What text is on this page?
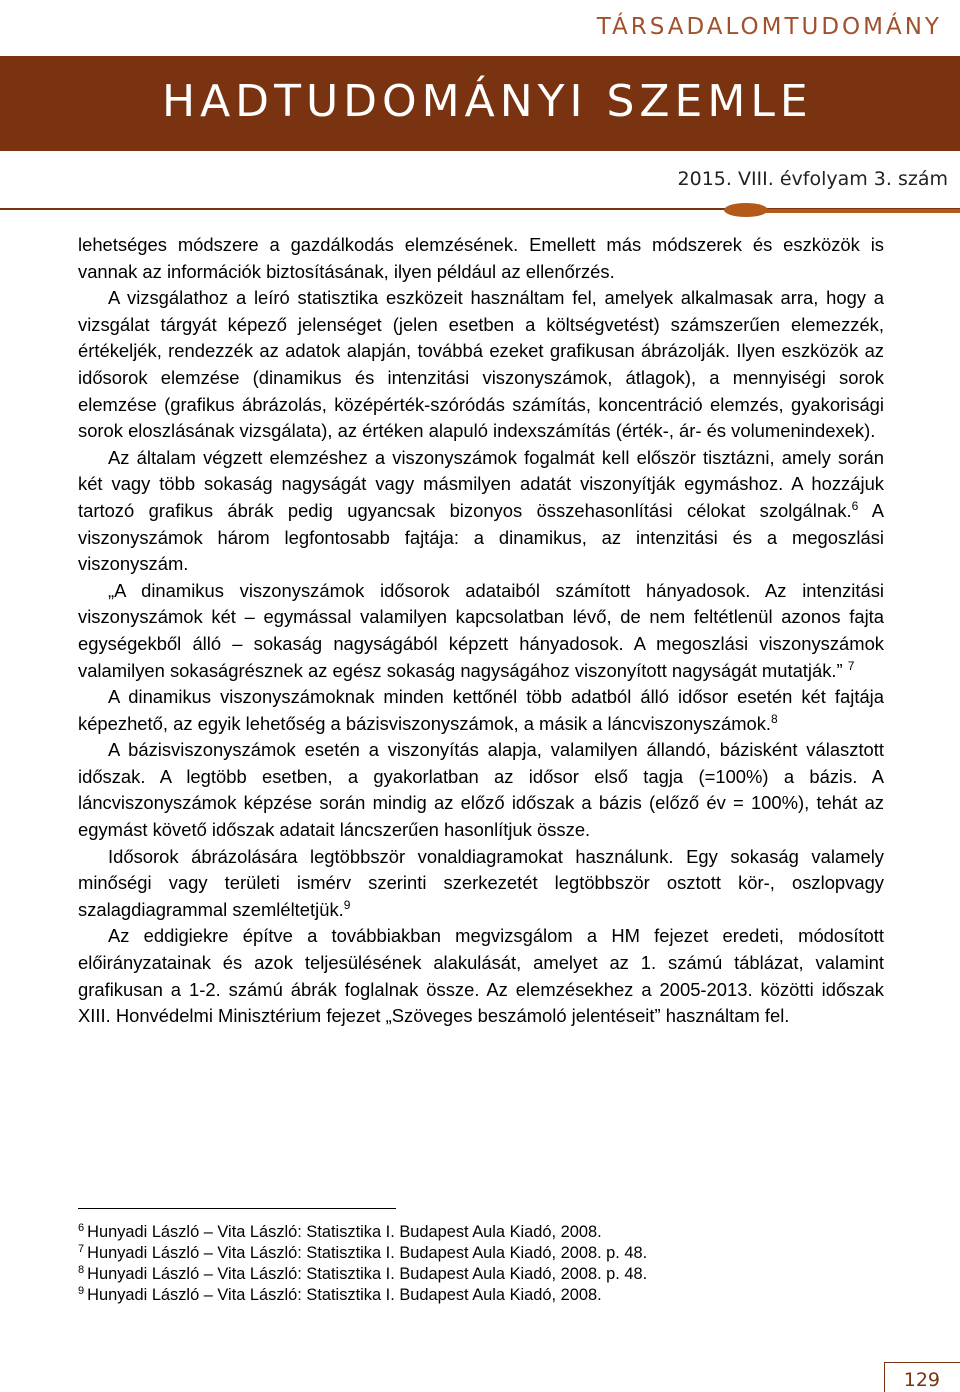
TÁRSADALOMTUDOMÁNY
HADTUDOMÁNYI SZEMLE
2015. VIII. évfolyam 3. szám

lehetséges módszere a gazdálkodás elemzésének. Emellett más módszerek és eszközök is vannak az információk biztosításának, ilyen például az ellenőrzés.

A vizsgálathoz a leíró statisztika eszközeit használtam fel, amelyek alkalmasak arra, hogy a vizsgálat tárgyát képező jelenséget (jelen esetben a költségvetést) számszerűen elemezzék, értékeljék, rendezzék az adatok alapján, továbbá ezeket grafikusan ábrázolják. Ilyen eszközök az idősorok elemzése (dinamikus és intenzitási viszonyszámok, átlagok), a mennyiségi sorok elemzése (grafikus ábrázolás, középérték-szóródás számítás, koncentráció elemzés, gyakorisági sorok eloszlásának vizsgálata), az értéken alapuló indexszámítás (érték-, ár- és volumenindexek).

Az általam végzett elemzéshez a viszonyszámok fogalmát kell először tisztázni, amely során két vagy több sokaság nagyságát vagy másmilyen adatát viszonyítják egymáshoz. A hozzájuk tartozó grafikus ábrák pedig ugyancsak bizonyos összehasonlítási célokat szolgálnak.$^6$ A viszonyszámok három legfontosabb fajtája: a dinamikus, az intenzitási és a megoszlási viszonyszám.

„A dinamikus viszonyszámok idősorok adataiból számított hányadosok. Az intenzitási viszonyszámok két – egymással valamilyen kapcsolatban lévő, de nem feltétlenül azonos fajta egységekből álló – sokaság nagyságából képzett hányadosok. A megoszlási viszonyszámok valamilyen sokaságrésznek az egész sokaság nagyságához viszonyított nagyságát mutatják.” $^7$

A dinamikus viszonyszámoknak minden kettőnél több adatból álló idősor esetén két fajtája képezhető, az egyik lehetőség a bázisviszonyszámok, a másik a láncviszonyszámok.$^8$

A bázisviszonyszámok esetén a viszonyítás alapja, valamilyen állandó, bázisként választott időszak. A legtöbb esetben, a gyakorlatban az idősor első tagja (=100%) a bázis. A láncviszonyszámok képzése során mindig az előző időszak a bázis (előző év = 100%), tehát az egymást követő időszak adatait láncszerűen hasonlítjuk össze.

Idősorok ábrázolására legtöbbször vonaldiagramokat használunk. Egy sokaság valamely minőségi vagy területi ismérv szerinti szerkezetét legtöbbször osztott kör-, oszlopvagy szalagdiagrammal szemléltetjük.$^9$

Az eddigiekre építve a továbbiakban megvizsgálom a HM fejezet eredeti, módosított előirányzatainak és azok teljesülésének alakulását, amelyet az 1. számú táblázat, valamint grafikusan a 1-2. számú ábrák foglalnak össze. Az elemzésekhez a 2005-2013. közötti időszak XIII. Honvédelmi Minisztérium fejezet „Szöveges beszámoló jelentéseit” használtam fel.

$^6$ Hunyadi László – Vita László: Statisztika I. Budapest Aula Kiadó, 2008.

$^7$ Hunyadi László – Vita László: Statisztika I. Budapest Aula Kiadó, 2008. p. 48.

$^8$ Hunyadi László – Vita László: Statisztika I. Budapest Aula Kiadó, 2008. p. 48.

$^9$ Hunyadi László – Vita László: Statisztika I. Budapest Aula Kiadó, 2008.

129
